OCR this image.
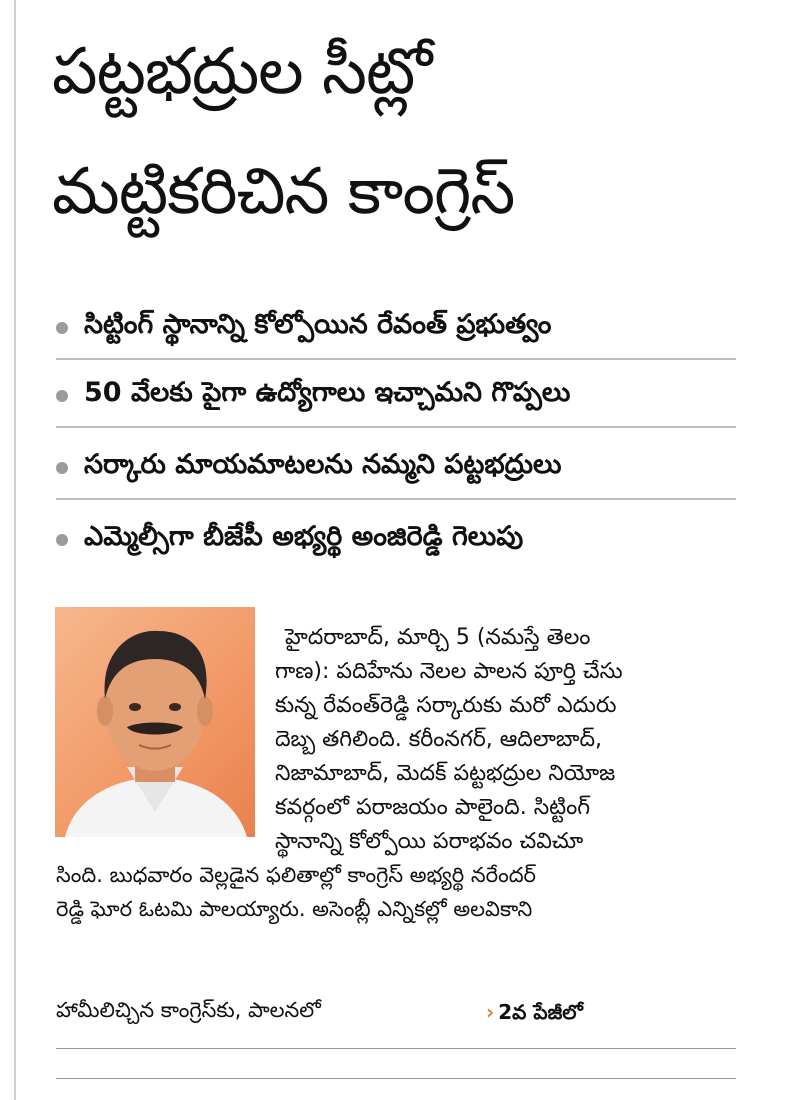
పట్టభద్రుల సీట్లో
మట్టికరిచిన కాంగ్రెస్
సిట్టింగ్ స్థానాన్ని కోల్పోయిన రేవంత్ ప్రభుత్వం
50 వేలకు పైగా ఉద్యోగాలు ఇచ్చామని గొప్పలు
సర్కారు మాయమాటలను నమ్మని పట్టభద్రులు
ఎమ్మెల్సీగా బీజేపీ అభ్యర్థి అంజిరెడ్డి గెలుపు
హైదరాబాద్, మార్చి 5 (నమస్తే తెలం
గాణ): పదిహేను నెలల పాలన పూర్తి చేసు
కున్న రేవంత్‌రెడ్డి సర్కారుకు మరో ఎదురు
దెబ్బ తగిలింది. కరీంనగర్, ఆదిలాబాద్,
నిజామాబాద్, మెదక్ పట్టభద్రుల నియోజ
కవర్గంలో పరాజయం పాలైంది. సిట్టింగ్
స్థానాన్ని కోల్పోయి పరాభవం చవిచూ
సింది. బుధవారం వెల్లడైన ఫలితాల్లో కాంగ్రెస్ అభ్యర్థి నరేందర్
రెడ్డి ఘోర ఓటమి పాలయ్యారు. అసెంబ్లీ ఎన్నికల్లో అలవికాని
హామీలిచ్చిన కాంగ్రెస్‌కు, పాలనలో	› 2వ పేజీలో
